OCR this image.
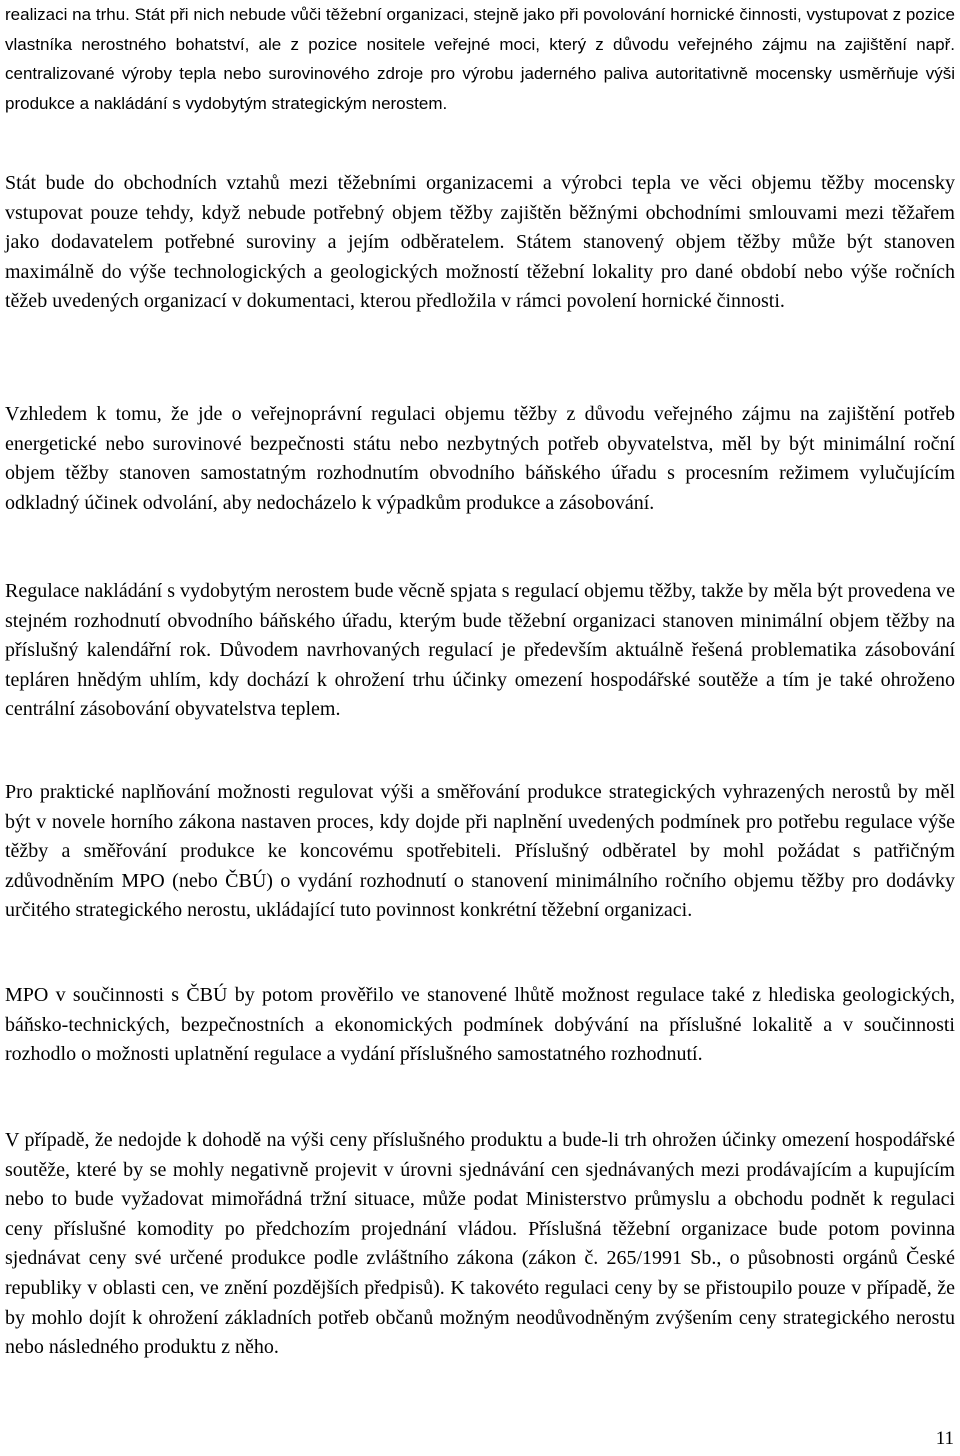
realizaci na trhu. Stát při nich nebude vůči těžební organizaci, stejně jako při povolování hornické činnosti, vystupovat z pozice vlastníka nerostného bohatství, ale z pozice nositele veřejné moci, který z důvodu veřejného zájmu na zajištění např. centralizované výroby tepla nebo surovinového zdroje pro výrobu jaderného paliva autoritativně mocensky usměrňuje výši produkce a nakládání s vydobytým strategickým nerostem.

Stát bude do obchodních vztahů mezi těžebními organizacemi a výrobci tepla ve věci objemu těžby mocensky vstupovat pouze tehdy, když nebude potřebný objem těžby zajištěn běžnými obchodními smlouvami mezi těžařem jako dodavatelem potřebné suroviny a jejím odběratelem. Státem stanovený objem těžby může být stanoven maximálně do výše technologických a geologických možností těžební lokality pro dané období nebo výše ročních těžeb uvedených organizací v dokumentaci, kterou předložila v rámci povolení hornické činnosti.

Vzhledem k tomu, že jde o veřejnoprávní regulaci objemu těžby z důvodu veřejného zájmu na zajištění potřeb energetické nebo surovinové bezpečnosti státu nebo nezbytných potřeb obyvatelstva, měl by být minimální roční objem těžby stanoven samostatným rozhodnutím obvodního báňského úřadu s procesním režimem vylučujícím odkladný účinek odvolání, aby nedocházelo k výpadkům produkce a zásobování.

Regulace nakládání s vydobytým nerostem bude věcně spjata s regulací objemu těžby, takže by měla být provedena ve stejném rozhodnutí obvodního báňského úřadu, kterým bude těžební organizaci stanoven minimální objem těžby na příslušný kalendářní rok. Důvodem navrhovaných regulací je především aktuálně řešená problematika zásobování tepláren hnědým uhlím, kdy dochází k ohrožení trhu účinky omezení hospodářské soutěže a tím je také ohroženo centrální zásobování obyvatelstva teplem.

Pro praktické naplňování možnosti regulovat výši a směřování produkce strategických vyhrazených nerostů by měl být v novele horního zákona nastaven proces, kdy dojde při naplnění uvedených podmínek pro potřebu regulace výše těžby a směřování produkce ke koncovému spotřebiteli. Příslušný odběratel by mohl požádat s patřičným zdůvodněním MPO (nebo ČBÚ) o vydání rozhodnutí o stanovení minimálního ročního objemu těžby pro dodávky určitého strategického nerostu, ukládající tuto povinnost konkrétní těžební organizaci.

MPO v součinnosti s ČBÚ by potom prověřilo ve stanovené lhůtě možnost regulace také z hlediska geologických, báňsko-technických, bezpečnostních a ekonomických podmínek dobývání na příslušné lokalitě a v součinnosti rozhodlo o možnosti uplatnění regulace a vydání příslušného samostatného rozhodnutí.

V případě, že nedojde k dohodě na výši ceny příslušného produktu a bude-li trh ohrožen účinky omezení hospodářské soutěže, které by se mohly negativně projevit v úrovni sjednávání cen sjednávaných mezi prodávajícím a kupujícím nebo to bude vyžadovat mimořádná tržní situace, může podat Ministerstvo průmyslu a obchodu podnět k regulaci ceny příslušné komodity po předchozím projednání vládou. Příslušná těžební organizace bude potom povinna sjednávat ceny své určené produkce podle zvláštního zákona (zákon č. 265/1991 Sb., o působnosti orgánů České republiky v oblasti cen, ve znění pozdějších předpisů). K takovéto regulaci ceny by se přistoupilo pouze v případě, že by mohlo dojít k ohrožení základních potřeb občanů možným neodůvodněným zvýšením ceny strategického nerostu nebo následného produktu z něho.

11
